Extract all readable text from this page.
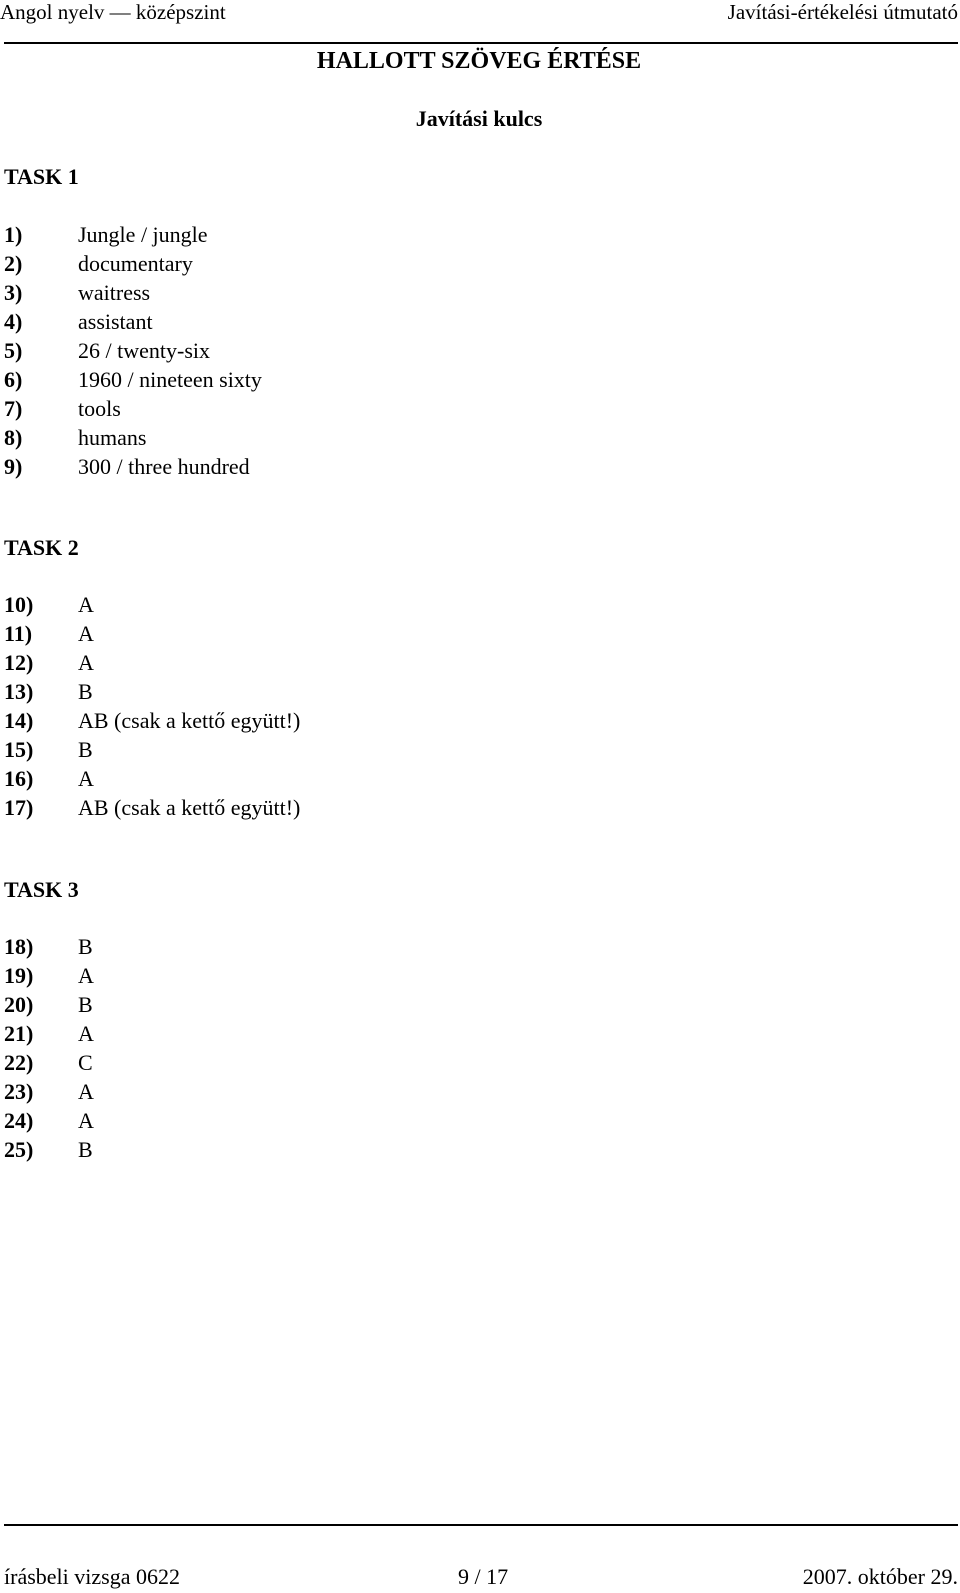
Angol nyelv — középszint	Javítási-értékelési útmutató
HALLOTT SZÖVEG ÉRTÉSE
Javítási kulcs
TASK 1
1)	Jungle / jungle
2)	documentary
3)	waitress
4)	assistant
5)	26 / twenty-six
6)	1960 / nineteen sixty
7)	tools
8)	humans
9)	300 / three hundred
TASK 2
10) A
11) A
12) A
13) B
14) AB (csak a kettő együtt!)
15) B
16) A
17) AB (csak a kettő együtt!)
TASK 3
18) B
19) A
20) B
21) A
22) C
23) A
24) A
25) B
írásbeli vizsga 0622	9 / 17	2007. október 29.
